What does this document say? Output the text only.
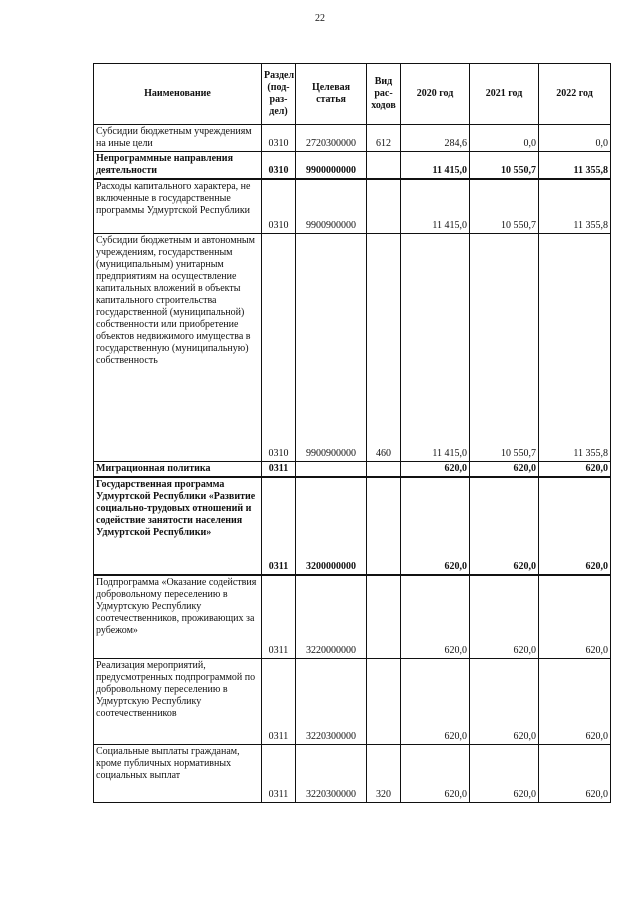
22
Наименование	Раздел (под-раз-дел)	Целевая статья	Вид рас-ходов	2020 год	2021 год	2022 год
Субсидии бюджетным учреждениям на иные цели	0310	2720300000	612	284,6	0,0	0,0
Непрограммные направления деятельности	0310	9900000000		11 415,0	10 550,7	11 355,8
Расходы капитального характера, не включенные в государственные программы Удмуртской Республики	0310	9900900000		11 415,0	10 550,7	11 355,8
Субсидии бюджетным и автономным учреждениям, государственным (муниципальным) унитарным предприятиям на осуществление капитальных вложений в объекты капитального строительства государственной (муниципальной) собственности или приобретение объектов недвижимого имущества в государственную (муниципальную) собственность	0310	9900900000	460	11 415,0	10 550,7	11 355,8
Миграционная политика	0311			620,0	620,0	620,0
Государственная программа Удмуртской Республики «Развитие социально-трудовых отношений и содействие занятости населения Удмуртской Республики»	0311	3200000000		620,0	620,0	620,0
Подпрограмма «Оказание содействия добровольному переселению в Удмуртскую Республику соотечественников, проживающих за рубежом»	0311	3220000000		620,0	620,0	620,0
Реализация мероприятий, предусмотренных подпрограммой по добровольному переселению в Удмуртскую Республику соотечественников	0311	3220300000		620,0	620,0	620,0
Социальные выплаты гражданам, кроме публичных нормативных социальных выплат	0311	3220300000	320	620,0	620,0	620,0
